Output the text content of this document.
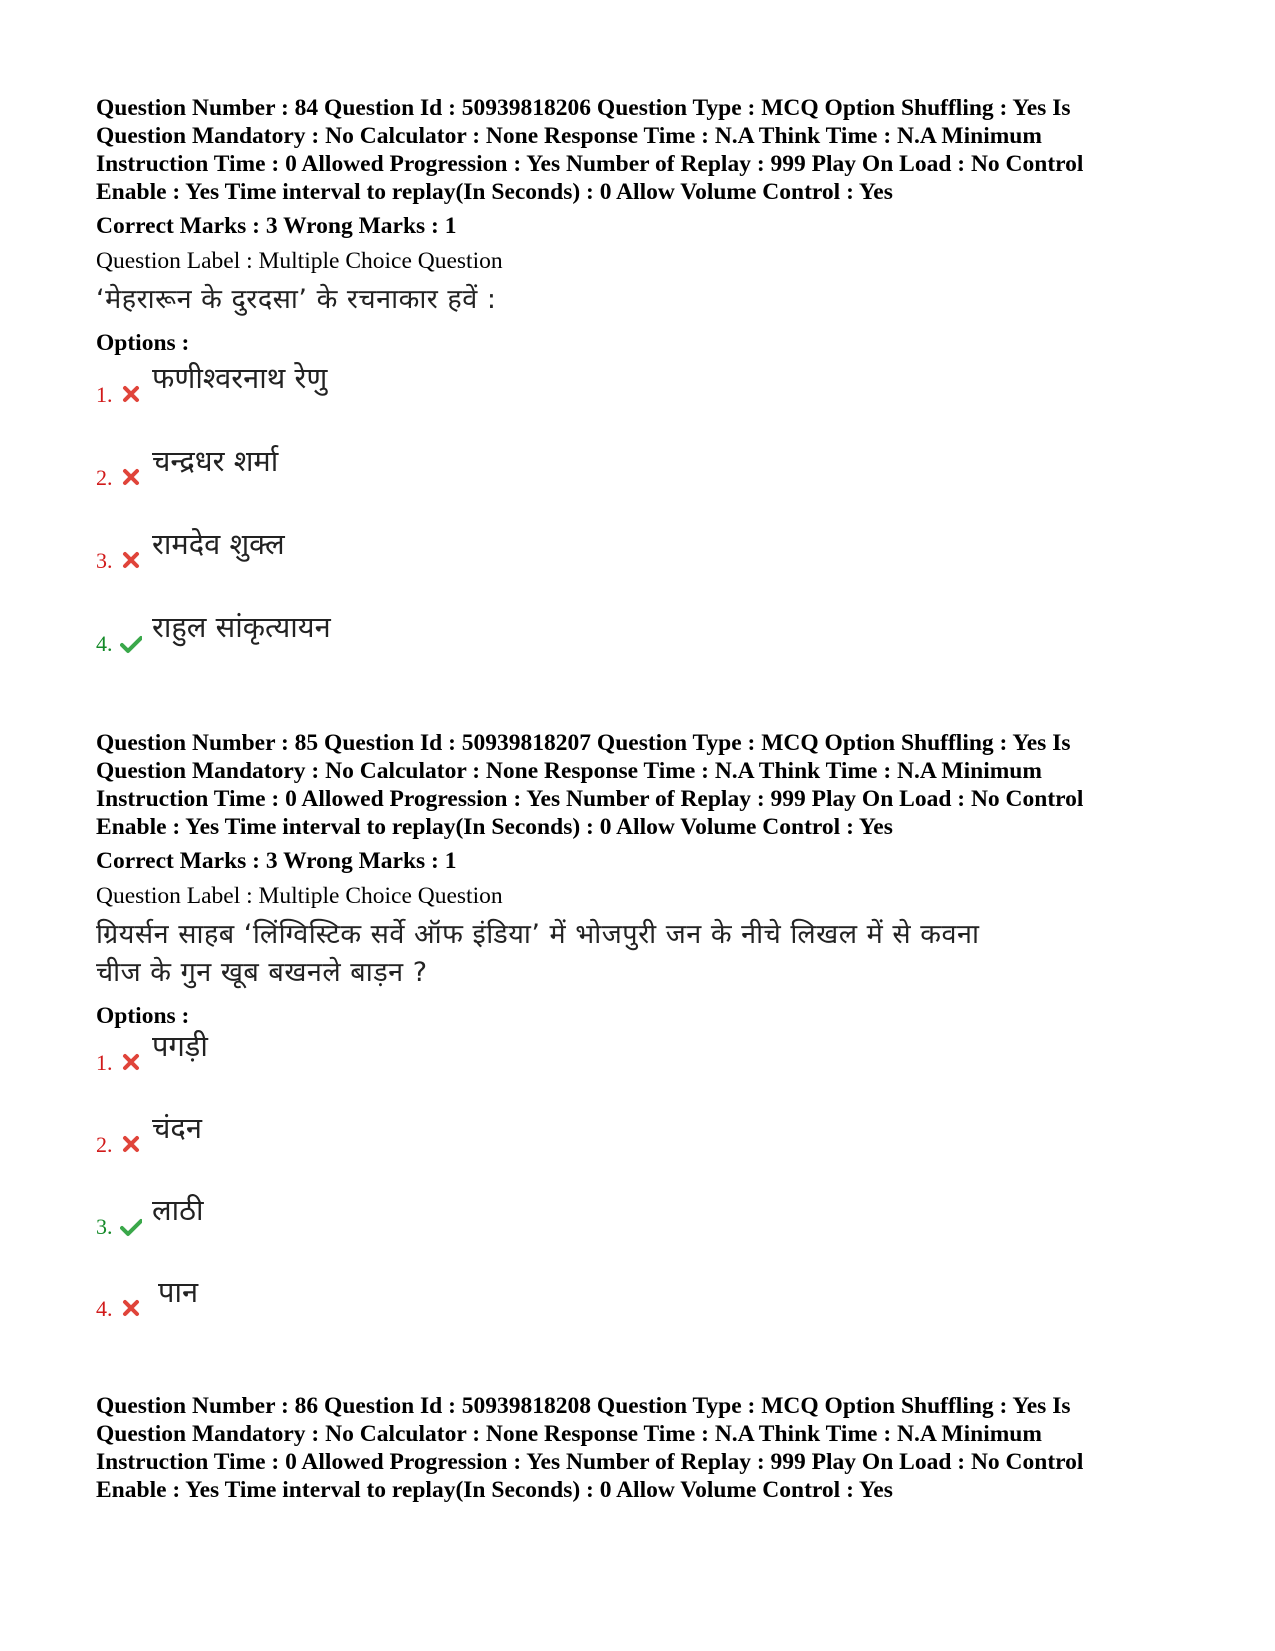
Question Number : 84 Question Id : 50939818206 Question Type : MCQ Option Shuffling : Yes Is
Question Mandatory : No Calculator : None Response Time : N.A Think Time : N.A Minimum
Instruction Time : 0 Allowed Progression : Yes Number of Replay : 999 Play On Load : No Control
Enable : Yes Time interval to replay(In Seconds) : 0 Allow Volume Control : Yes

Correct Marks : 3 Wrong Marks : 1
Question Label : Multiple Choice Question
‘मेहरारून के दुरदसा’ के रचनाकार हवें :
Options :
1. फणीश्वरनाथ रेणु
2. चन्द्रधर शर्मा
3. रामदेव शुक्ल
4. राहुल सांकृत्यायन

Question Number : 85 Question Id : 50939818207 Question Type : MCQ Option Shuffling : Yes Is
Question Mandatory : No Calculator : None Response Time : N.A Think Time : N.A Minimum
Instruction Time : 0 Allowed Progression : Yes Number of Replay : 999 Play On Load : No Control
Enable : Yes Time interval to replay(In Seconds) : 0 Allow Volume Control : Yes

Correct Marks : 3 Wrong Marks : 1
Question Label : Multiple Choice Question
ग्रियर्सन साहब ‘लिंग्विस्टिक सर्वे ऑफ इंडिया’ में भोजपुरी जन के नीचे लिखल में से कवना
चीज के गुन खूब बखनले बाड़न ?
Options :
1. पगड़ी
2. चंदन
3. लाठी
4. पान

Question Number : 86 Question Id : 50939818208 Question Type : MCQ Option Shuffling : Yes Is
Question Mandatory : No Calculator : None Response Time : N.A Think Time : N.A Minimum
Instruction Time : 0 Allowed Progression : Yes Number of Replay : 999 Play On Load : No Control
Enable : Yes Time interval to replay(In Seconds) : 0 Allow Volume Control : Yes
